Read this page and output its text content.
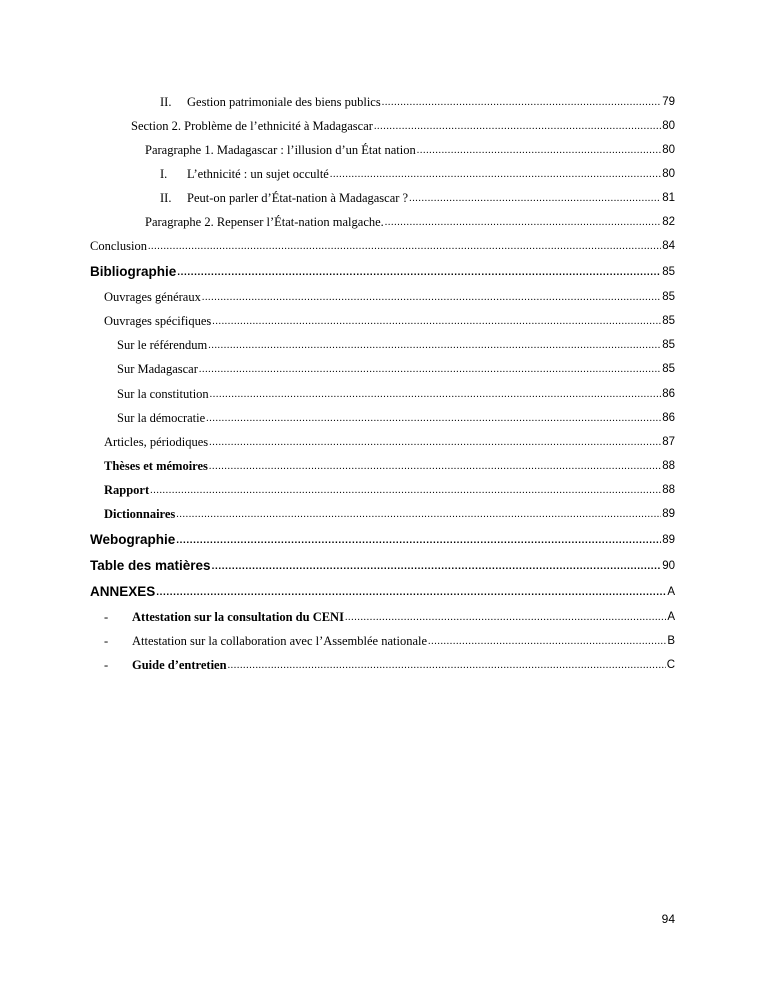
II.	Gestion patrimoniale des biens publics .....	79
Section 2. Problème de l’ethnicité à Madagascar .....	80
Paragraphe 1. Madagascar : l’illusion d’un État nation .....	80
I.	L’ethnicité : un sujet occulté .....	80
II.	Peut-on parler d’État-nation à Madagascar ? .....	81
Paragraphe 2. Repenser l’État-nation malgache. .....	82
Conclusion .....	84
Bibliographie .....	85
Ouvrages généraux .....	85
Ouvrages spécifiques .....	85
Sur le référendum .....	85
Sur Madagascar .....	85
Sur la constitution .....	86
Sur la démocratie .....	86
Articles, périodiques .....	87
Thèses et mémoires .....	88
Rapport .....	88
Dictionnaires .....	89
Webographie .....	89
Table des matières .....	90
ANNEXES .....	A
-	Attestation sur la consultation du CENI .....	A
-	Attestation sur la collaboration avec l’Assemblée nationale .....	B
-	Guide d’entretien .....	C
94
